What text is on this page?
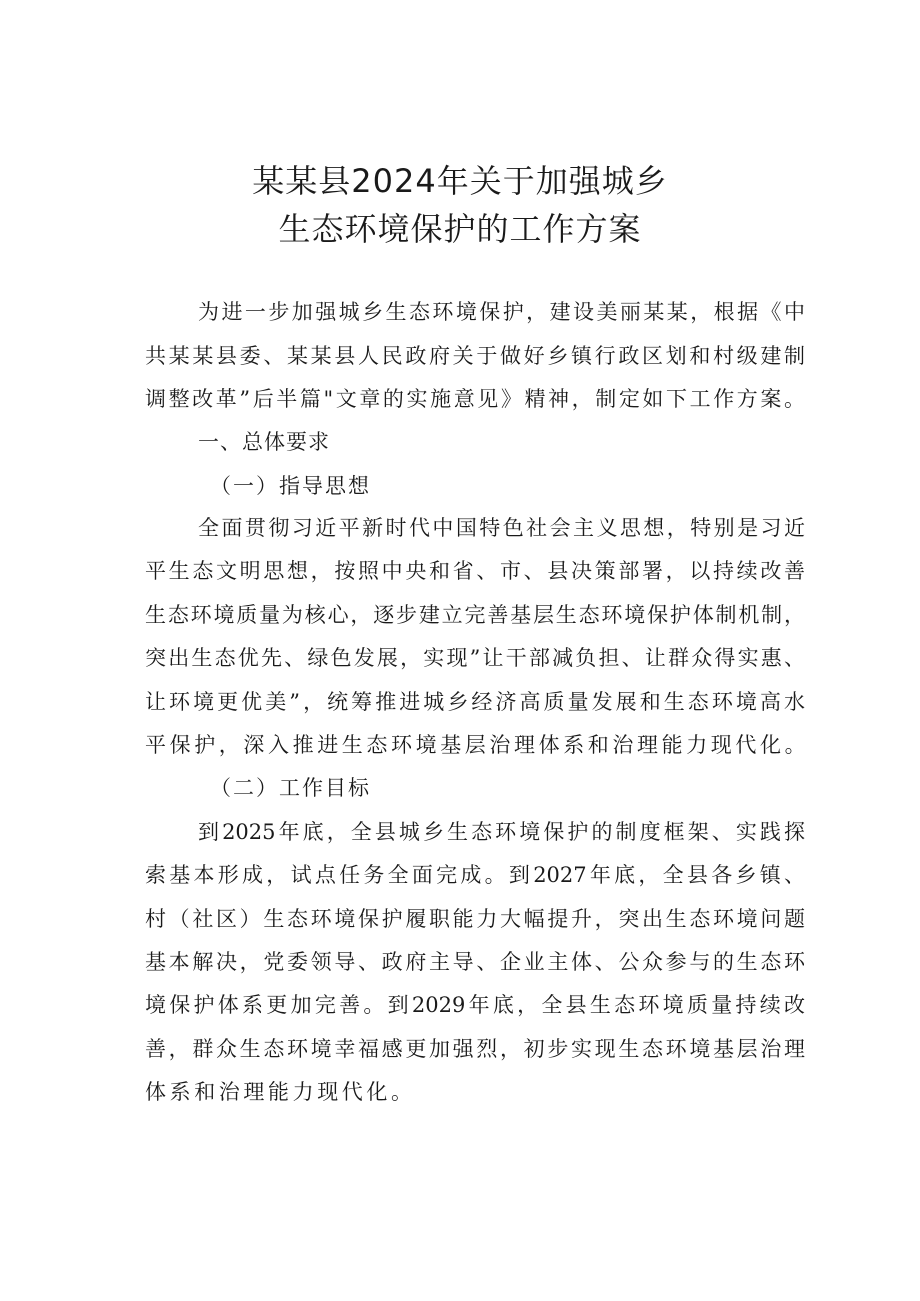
某某县2024年关于加强城乡
生态环境保护的工作方案
为进一步加强城乡生态环境保护，建设美丽某某，根据《中
共某某县委、某某县人民政府关于做好乡镇行政区划和村级建制
调整改革”后半篇"文章的实施意见》精神，制定如下工作方案。
一、总体要求
（一）指导思想
全面贯彻习近平新时代中国特色社会主义思想，特别是习近
平生态文明思想，按照中央和省、市、县决策部署，以持续改善
生态环境质量为核心，逐步建立完善基层生态环境保护体制机制，
突出生态优先、绿色发展，实现”让干部减负担、让群众得实惠、
让环境更优美”，统筹推进城乡经济高质量发展和生态环境高水
平保护，深入推进生态环境基层治理体系和治理能力现代化。
（二）工作目标
到2025年底，全县城乡生态环境保护的制度框架、实践探
索基本形成，试点任务全面完成。到2027年底，全县各乡镇、
村（社区）生态环境保护履职能力大幅提升，突出生态环境问题
基本解决，党委领导、政府主导、企业主体、公众参与的生态环
境保护体系更加完善。到2029年底，全县生态环境质量持续改
善，群众生态环境幸福感更加强烈，初步实现生态环境基层治理
体系和治理能力现代化。
